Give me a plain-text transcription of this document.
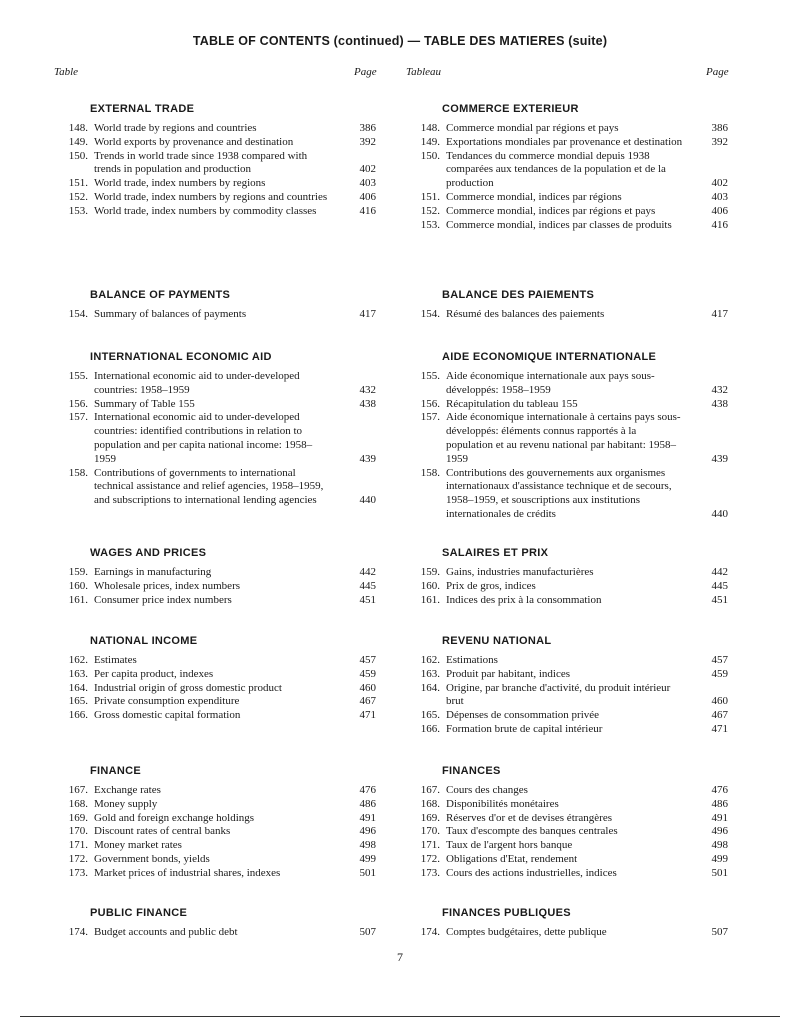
TABLE OF CONTENTS (continued) — TABLE DES MATIERES (suite)
Table	Page	Tableau	Page
EXTERNAL TRADE
148. World trade by regions and countries	386
149. World exports by provenance and destination	392
150. Trends in world trade since 1938 compared with trends in population and production	402
151. World trade, index numbers by regions	403
152. World trade, index numbers by regions and countries	406
153. World trade, index numbers by commodity classes	416
BALANCE OF PAYMENTS
154. Summary of balances of payments	417
INTERNATIONAL ECONOMIC AID
155. International economic aid to under-developed countries: 1958–1959	432
156. Summary of Table 155	438
157. International economic aid to under-developed countries: identified contributions in relation to population and per capita national income: 1958–1959	439
158. Contributions of governments to international technical assistance and relief agencies, 1958–1959, and subscriptions to international lending agencies	440
WAGES AND PRICES
159. Earnings in manufacturing	442
160. Wholesale prices, index numbers	445
161. Consumer price index numbers	451
NATIONAL INCOME
162. Estimates	457
163. Per capita product, indexes	459
164. Industrial origin of gross domestic product	460
165. Private consumption expenditure	467
166. Gross domestic capital formation	471
FINANCE
167. Exchange rates	476
168. Money supply	486
169. Gold and foreign exchange holdings	491
170. Discount rates of central banks	496
171. Money market rates	498
172. Government bonds, yields	499
173. Market prices of industrial shares, indexes	501
PUBLIC FINANCE
174. Budget accounts and public debt	507
COMMERCE EXTERIEUR
148. Commerce mondial par régions et pays	386
149. Exportations mondiales par provenance et destination	392
150. Tendances du commerce mondial depuis 1938 comparées aux tendances de la population et de la production	402
151. Commerce mondial, indices par régions	403
152. Commerce mondial, indices par régions et pays	406
153. Commerce mondial, indices par classes de produits	416
BALANCE DES PAIEMENTS
154. Résumé des balances des paiements	417
AIDE ECONOMIQUE INTERNATIONALE
155. Aide économique internationale aux pays sous-développés: 1958–1959	432
156. Récapitulation du tableau 155	438
157. Aide économique internationale à certains pays sous-développés: éléments connus rapportés à la population et au revenu national par habitant: 1958–1959	439
158. Contributions des gouvernements aux organismes internationaux d'assistance technique et de secours, 1958–1959, et souscriptions aux institutions internationales de crédits	440
SALAIRES ET PRIX
159. Gains, industries manufacturières	442
160. Prix de gros, indices	445
161. Indices des prix à la consommation	451
REVENU NATIONAL
162. Estimations	457
163. Produit par habitant, indices	459
164. Origine, par branche d'activité, du produit intérieur brut	460
165. Dépenses de consommation privée	467
166. Formation brute de capital intérieur	471
FINANCES
167. Cours des changes	476
168. Disponibilités monétaires	486
169. Réserves d'or et de devises étrangères	491
170. Taux d'escompte des banques centrales	496
171. Taux de l'argent hors banque	498
172. Obligations d'Etat, rendement	499
173. Cours des actions industrielles, indices	501
FINANCES PUBLIQUES
174. Comptes budgétaires, dette publique	507
7
